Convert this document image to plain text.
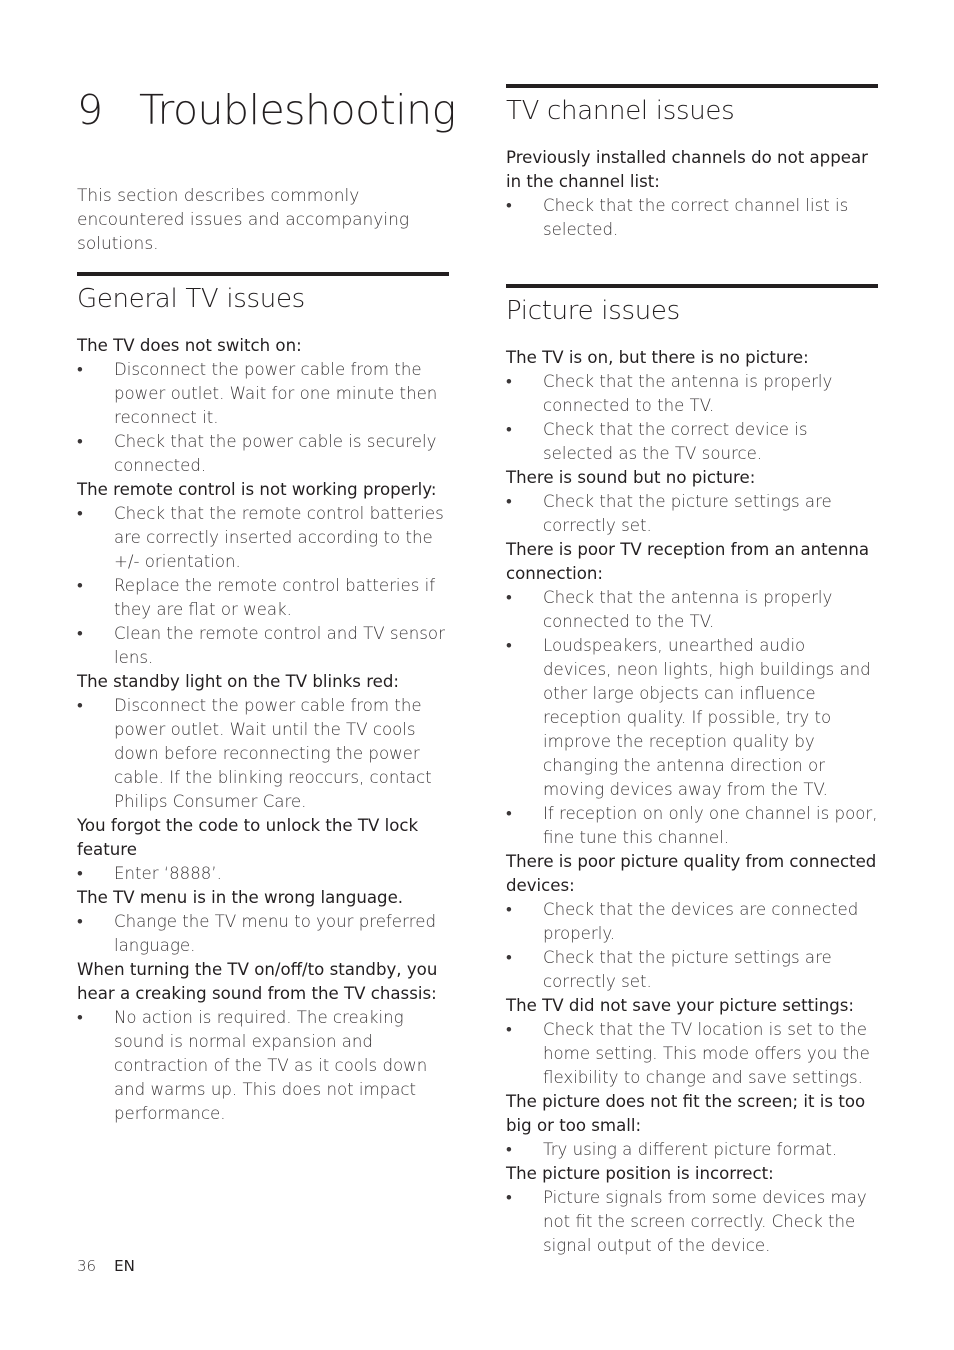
9 Troubleshooting

This section describes commonly encountered issues and accompanying solutions.

General TV issues

The TV does not switch on:

• Disconnect the power cable from the power outlet. Wait for one minute then reconnect it.
• Check that the power cable is securely connected.

The remote control is not working properly:

• Check that the remote control batteries are correctly inserted according to the +/- orientation.
• Replace the remote control batteries if they are flat or weak.
• Clean the remote control and TV sensor lens.

The standby light on the TV blinks red:

• Disconnect the power cable from the power outlet. Wait until the TV cools down before reconnecting the power cable. If the blinking reoccurs, contact Philips Consumer Care.

You forgot the code to unlock the TV lock feature

• Enter ‘8888’.

The TV menu is in the wrong language.

• Change the TV menu to your preferred language.

When turning the TV on/off/to standby, you hear a creaking sound from the TV chassis:

• No action is required. The creaking sound is normal expansion and contraction of the TV as it cools down and warms up. This does not impact performance.
TV channel issues

Previously installed channels do not appear in the channel list:

• Check that the correct channel list is selected.
Picture issues

The TV is on, but there is no picture:

• Check that the antenna is properly connected to the TV.
• Check that the correct device is selected as the TV source.

There is sound but no picture:

• Check that the picture settings are correctly set.

There is poor TV reception from an antenna connection:

• Check that the antenna is properly connected to the TV.
• Loudspeakers, unearthed audio devices, neon lights, high buildings and other large objects can influence reception quality. If possible, try to improve the reception quality by changing the antenna direction or moving devices away from the TV.
• If reception on only one channel is poor, fine tune this channel.

There is poor picture quality from connected devices:

• Check that the devices are connected properly.
• Check that the picture settings are correctly set.

The TV did not save your picture settings:

• Check that the TV location is set to the home setting. This mode offers you the flexibility to change and save settings.

The picture does not fit the screen; it is too big or too small:

• Try using a different picture format.

The picture position is incorrect:

• Picture signals from some devices may not fit the screen correctly. Check the signal output of the device.
36 EN
